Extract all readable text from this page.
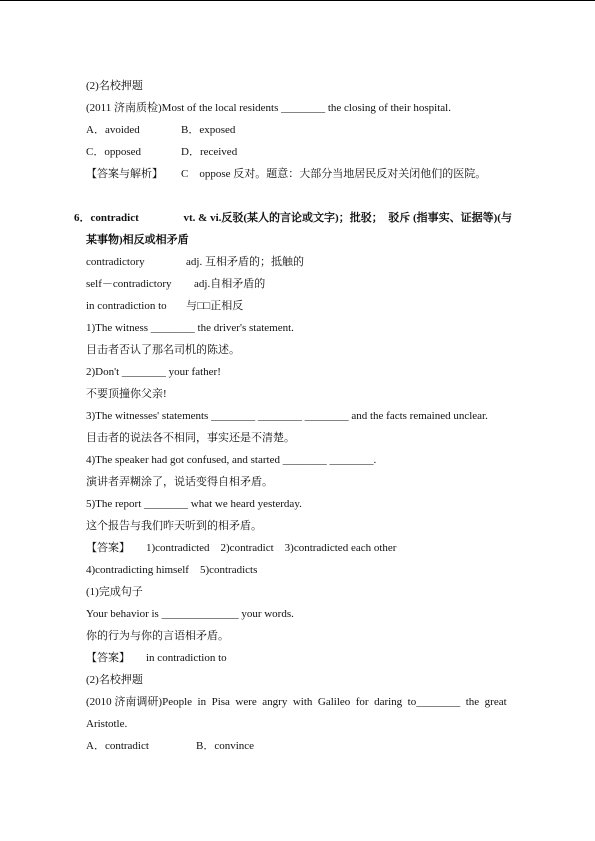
(2)名校押题
(2011 济南质检)Most of the local residents ________ the closing of their hospital.
A．avoided	B．exposed
C．opposed	D．received
【答案与解析】 C　oppose 反对。题意：大部分当地居民反对关闭他们的医院。
6．contradict	vt. & vi.反驳(某人的言论或文字)；批驳；　驳斥 (指事实、证据等)(与
某事物)相反或相矛盾
contradictory	adj. 互相矛盾的；抵触的
self－contradictory adj.自相矛盾的
in contradiction to 与□□正相反
1)The witness ________ the driver's statement.
目击者否认了那名司机的陈述。
2)Don't ________ your father!
不要顶撞你父亲!
3)The witnesses' statements ________ ________ ________ and the facts remained unclear.
目击者的说法各不相同，事实还是不清楚。
4)The speaker had got confused, and started ________ ________.
演讲者弄糊涂了，说话变得自相矛盾。
5)The report ________ what we heard yesterday.
这个报告与我们昨天听到的相矛盾。
【答案】 1)contradicted　2)contradict　3)contradicted each other
4)contradicting himself　5)contradicts
(1)完成句子
Your behavior is ______________ your words.
你的行为与你的言语相矛盾。
【答案】 in contradiction to
(2)名校押题
(2010 济南调研)People  in  Pisa  were  angry  with  Galileo  for  daring  to________  the  great
Aristotle.
A．contradict	B．convince
